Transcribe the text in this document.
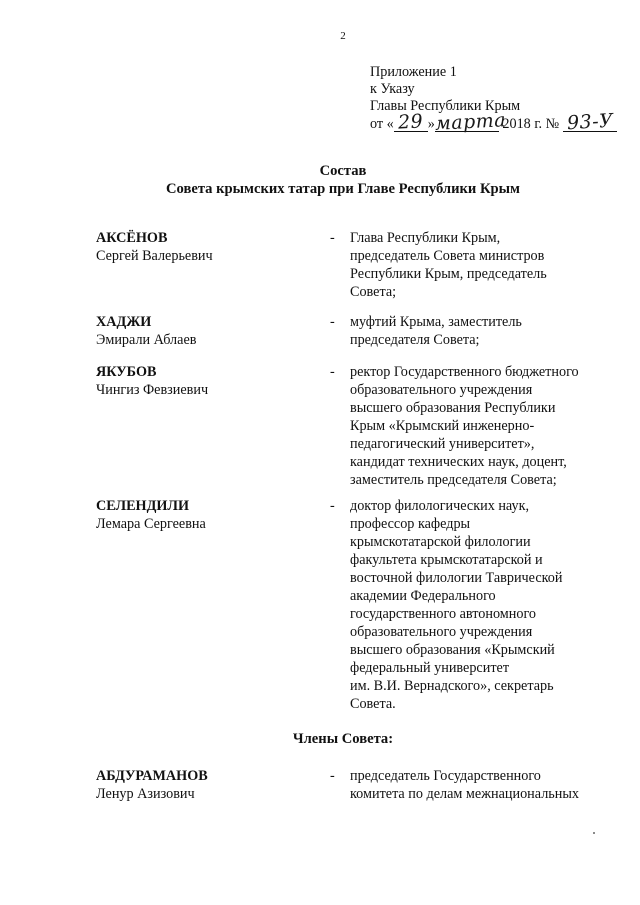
2
Приложение 1
к Указу
Главы Республики Крым
от « 29 »марта 2018 г. № 93-У
Состав
Совета крымских татар при Главе Республики Крым
АКСЁНОВ
Сергей Валерьевич
- Глава Республики Крым,
председатель Совета министров
Республики Крым, председатель
Совета;
ХАДЖИ
Эмирали Аблаев
- муфтий Крыма, заместитель
председателя Совета;
ЯКУБОВ
Чингиз Февзиевич
- ректор Государственного бюджетного
образовательного учреждения
высшего образования Республики
Крым «Крымский инженерно-
педагогический университет»,
кандидат технических наук, доцент,
заместитель председателя Совета;
СЕЛЕНДИЛИ
Лемара Сергеевна
- доктор филологических наук,
профессор кафедры
крымскотатарской филологии
факультета крымскотатарской и
восточной филологии Таврической
академии Федерального
государственного автономного
образовательного учреждения
высшего образования «Крымский
федеральный университет
им. В.И. Вернадского», секретарь
Совета.
Члены Совета:
АБДУРАМАНОВ
Ленур Азизович
- председатель Государственного
комитета по делам межнациональных
